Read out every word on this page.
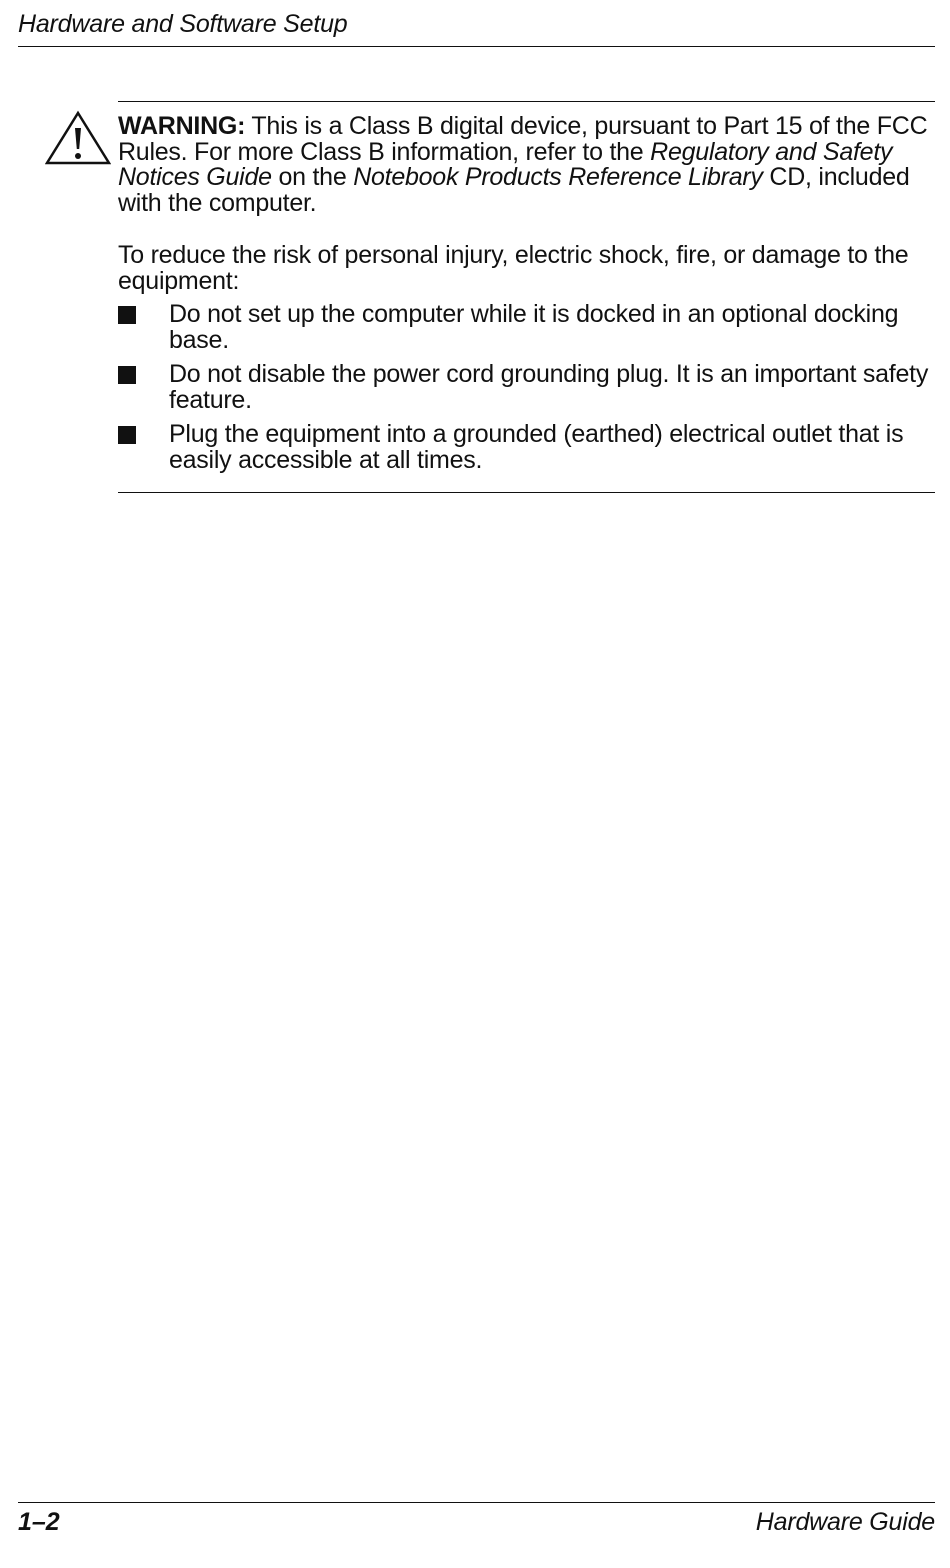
Hardware and Software Setup
WARNING: This is a Class B digital device, pursuant to Part 15 of the FCC Rules. For more Class B information, refer to the Regulatory and Safety Notices Guide on the Notebook Products Reference Library CD, included with the computer.
To reduce the risk of personal injury, electric shock, fire, or damage to the equipment:
Do not set up the computer while it is docked in an optional docking base.
Do not disable the power cord grounding plug. It is an important safety feature.
Plug the equipment into a grounded (earthed) electrical outlet that is easily accessible at all times.
1–2	Hardware Guide
